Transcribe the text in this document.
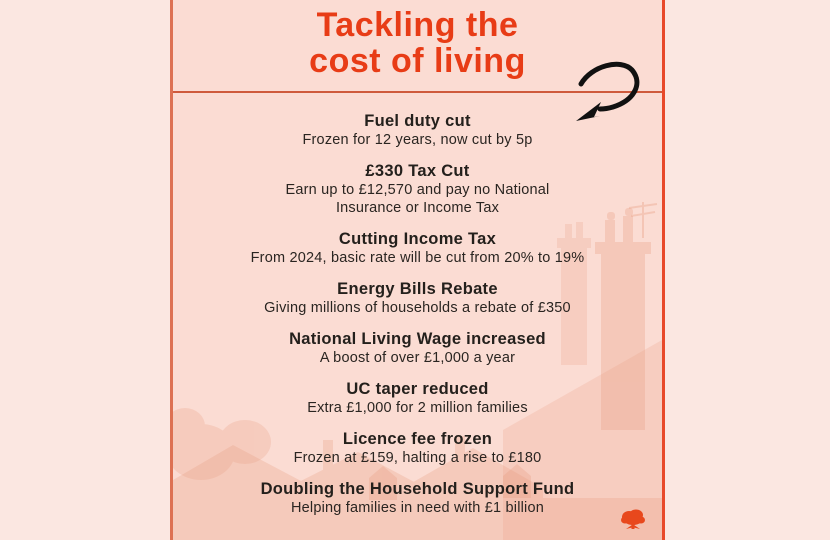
Tackling the
cost of living
Fuel duty cut
Frozen for 12 years, now cut by 5p
£330 Tax Cut
Earn up to £12,570 and pay no National
Insurance or Income Tax
Cutting Income Tax
From 2024, basic rate will be cut from 20% to 19%
Energy Bills Rebate
Giving millions of households a rebate of £350
National Living Wage increased
A boost of over £1,000 a year
UC taper reduced
Extra £1,000 for 2 million families
Licence fee frozen
Frozen at £159, halting a rise to £180
Doubling the Household Support Fund
Helping families in need with £1 billion
